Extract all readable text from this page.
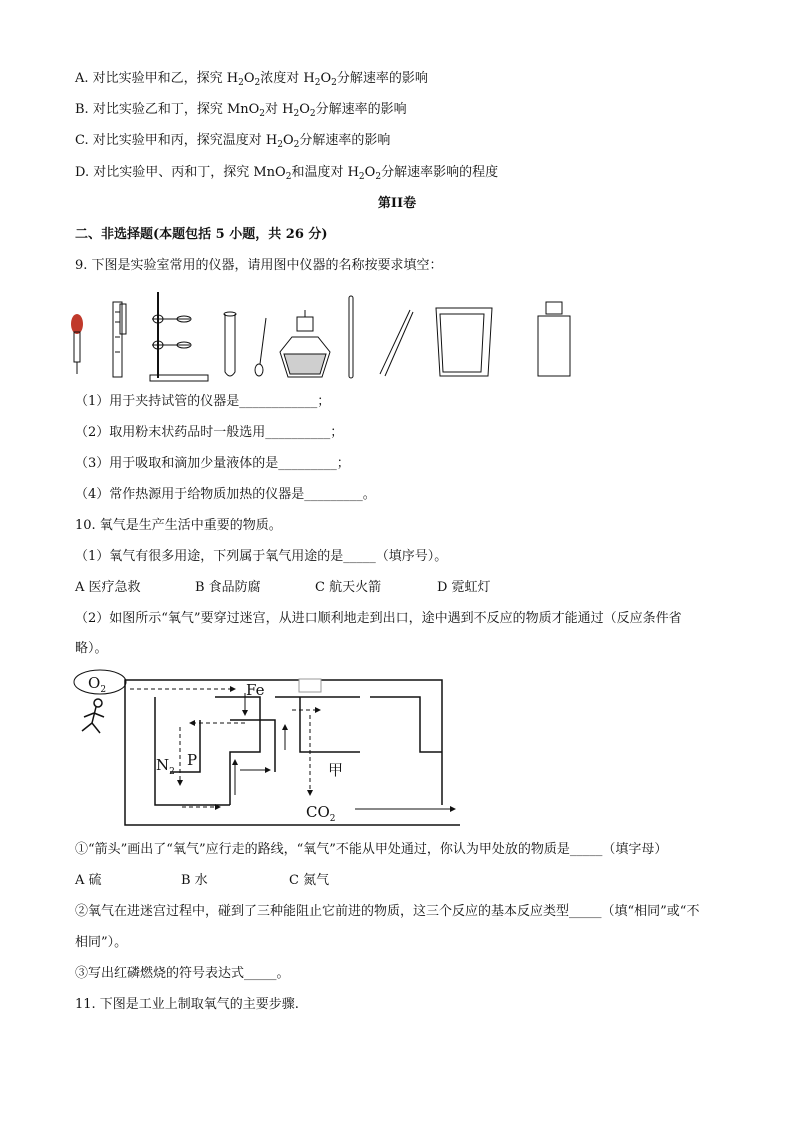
A. 对比实验甲和乙，探究 $H_2O_2$浓度对 $H_2O_2$分解速率的影响
B. 对比实验乙和丁，探究 MnO$_2$对 $H_2O_2$分解速率的影响
C. 对比实验甲和丙，探究温度对 $H_2O_2$分解速率的影响
D. 对比实验甲、丙和丁，探究 MnO$_2$和温度对 $H_2O_2$分解速率影响的程度
第II卷
二、非选择题(本题包括 5 小题，共 26 分)
9. 下图是实验室常用的仪器，请用图中仪器的名称按要求填空：
（1）用于夹持试管的仪器是____________；
（2）取用粉末状药品时一般选用__________；
（3）用于吸取和滴加少量液体的是_________；
（4）常作热源用于给物质加热的仪器是_________。
10. 氧气是生产生活中重要的物质。
（1）氧气有很多用途，下列属于氧气用途的是_____（填序号）。
A 医疗急救	B 食品防腐	C 航天火箭	D 霓虹灯
（2）如图所示“氧气”要穿过迷宫，从进口顺利地走到出口，途中遇到不反应的物质才能通过（反应条件省
略）。
$O_2$	Fe
$N_2$
P
甲
$CO_2$
①“箭头”画出了“氧气”应行走的路线，“氧气”不能从甲处通过，你认为甲处放的物质是_____（填字母）
A 硫	B 水	C 氮气
②氧气在进迷宫过程中，碰到了三种能阻止它前进的物质，这三个反应的基本反应类型_____（填“相同”或“不
相同”）。
③写出红磷燃烧的符号表达式_____。
11. 下图是工业上制取氧气的主要步骤.
